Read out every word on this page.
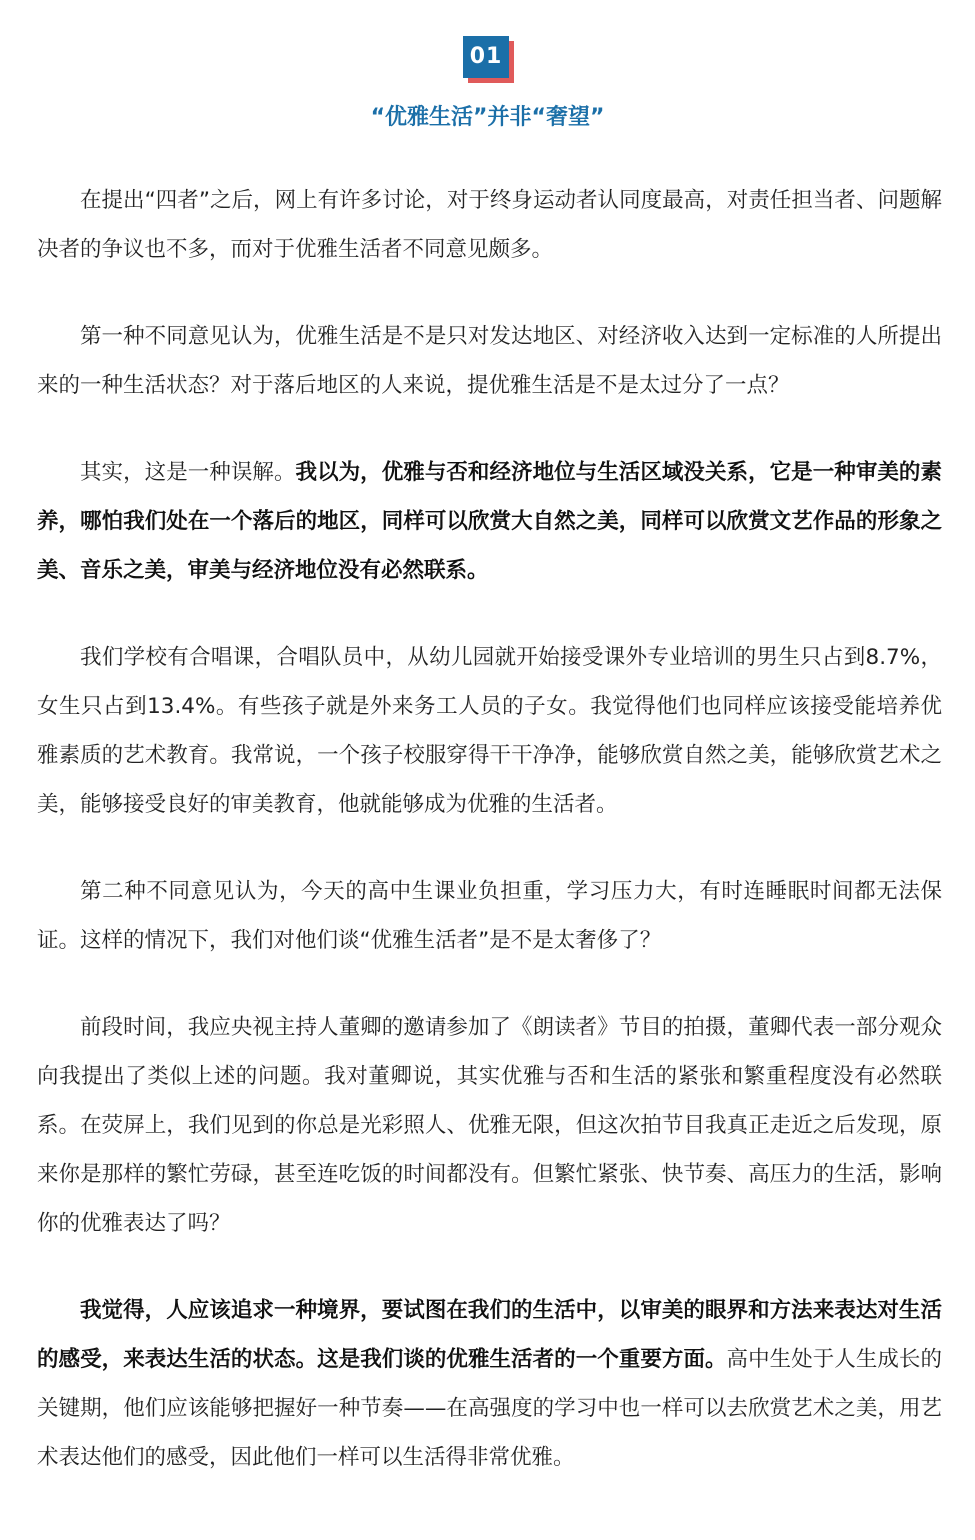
01
“优雅生活”并非“奢望”

在提出“四者”之后，网上有许多讨论，对于终身运动者认同度最高，对责任担当者、问题解决者的争议也不多，而对于优雅生活者不同意见颇多。

第一种不同意见认为，优雅生活是不是只对发达地区、对经济收入达到一定标准的人所提出来的一种生活状态？对于落后地区的人来说，提优雅生活是不是太过分了一点？

其实，这是一种误解。我以为，优雅与否和经济地位与生活区域没关系，它是一种审美的素养，哪怕我们处在一个落后的地区，同样可以欣赏大自然之美，同样可以欣赏文艺作品的形象之美、音乐之美，审美与经济地位没有必然联系。

我们学校有合唱课，合唱队员中，从幼儿园就开始接受课外专业培训的男生只占到8.7%，女生只占到13.4%。有些孩子就是外来务工人员的子女。我觉得他们也同样应该接受能培养优雅素质的艺术教育。我常说，一个孩子校服穿得干干净净，能够欣赏自然之美，能够欣赏艺术之美，能够接受良好的审美教育，他就能够成为优雅的生活者。

第二种不同意见认为，今天的高中生课业负担重，学习压力大，有时连睡眠时间都无法保证。这样的情况下，我们对他们谈“优雅生活者”是不是太奢侈了？

前段时间，我应央视主持人董卿的邀请参加了《朗读者》节目的拍摄，董卿代表一部分观众向我提出了类似上述的问题。我对董卿说，其实优雅与否和生活的紧张和繁重程度没有必然联系。在荧屏上，我们见到的你总是光彩照人、优雅无限，但这次拍节目我真正走近之后发现，原来你是那样的繁忙劳碌，甚至连吃饭的时间都没有。但繁忙紧张、快节奏、高压力的生活，影响你的优雅表达了吗？

我觉得，人应该追求一种境界，要试图在我们的生活中，以审美的眼界和方法来表达对生活的感受，来表达生活的状态。这是我们谈的优雅生活者的一个重要方面。高中生处于人生成长的关键期，他们应该能够把握好一种节奏——在高强度的学习中也一样可以去欣赏艺术之美，用艺术表达他们的感受，因此他们一样可以生活得非常优雅。
